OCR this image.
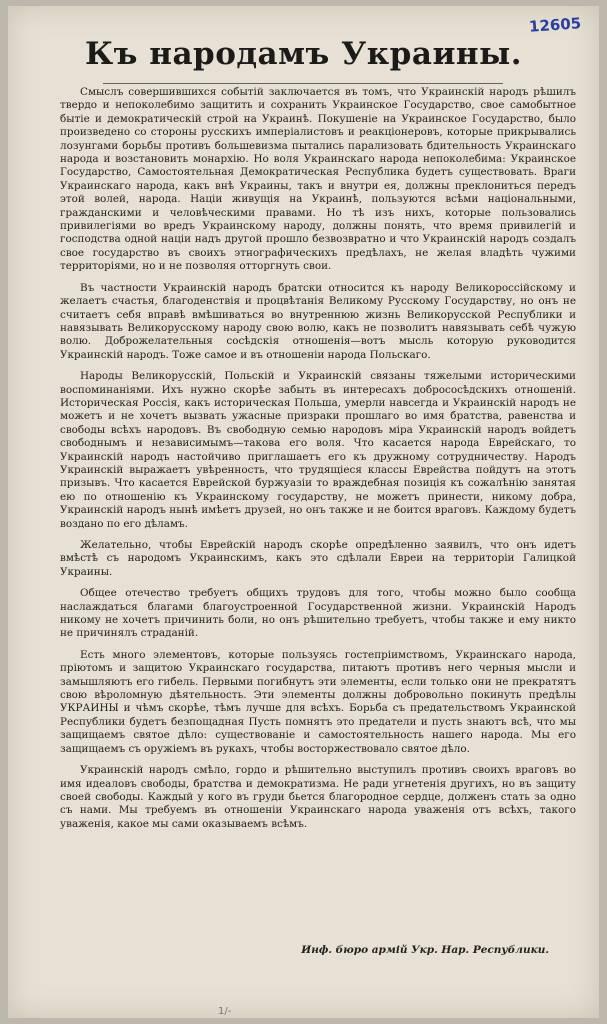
12605
Къ народамъ Украины.

Смыслъ совершившихся событій заключается въ томъ, что Украинскій народъ рѣшилъ твердо и непоколебимо защитить и сохранить Украинское Государство, свое самобытное бытіе и демократическій строй на Украинѣ. Покушеніе на Украинское Государство, было произведено со стороны русскихъ имперіалистовъ и реакціонеровъ, которые прикрывались лозунгами борьбы противъ большевизма пытались парализовать бдительность Украинскаго народа и возстановить монархію. Но воля Украинскаго народа непоколебима: Украинское Государство, Самостоятельная Демократическая Республика будетъ существовать. Враги Украинскаго народа, какъ внѣ Украины, такъ и внутри ея, должны преклониться передъ этой волей, народа. Націи живущія на Украинѣ, пользуются всѣми національными, гражданскими и человѣческими правами. Но тѣ изъ нихъ, которые пользовались привилегіями во вредъ Украинскому народу, должны понять, что время привилегій и господства одной націи надъ другой прошло безвозвратно и что Украинскій народъ создалъ свое государство въ своихъ этнографическихъ предѣлахъ, не желая владѣть чужими территоріями, но и не позволяя отторгнуть свои.

Въ частности Украинскій народъ братски относится къ народу Великороссійскому и желаетъ счастья, благоденствія и процвѣтанія Великому Русскому Государству, но онъ не считаетъ себя вправѣ вмѣшиваться во внутреннюю жизнь Великорусской Республики и навязывать Великорусскому народу свою волю, какъ не позволитъ навязывать себѣ чужую волю. Доброжелательныя сосѣдскія отношенія—вотъ мысль которую руководится Украинскій народъ. Тоже самое и въ отношеніи народа Польскаго.

Народы Великорусскій, Польскій и Украинскій связаны тяжелыми историческими воспоминаніями. Ихъ нужно скорѣе забыть въ интересахъ добрососѣдскихъ отношеній. Историческая Россія, какъ историческая Польша, умерли навсегда и Украинскій народъ не можетъ и не хочетъ вызвать ужасные призраки прошлаго во имя братства, равенства и свободы всѣхъ народовъ. Въ свободную семью народовъ міра Украинскій народъ войдетъ свободнымъ и независимымъ—такова его воля. Что касается народа Еврейскаго, то Украинскій народъ настойчиво приглашаетъ его къ дружному сотрудничеству. Народъ Украинскій выражаетъ увѣренность, что трудящіеся классы Еврейства пойдутъ на этотъ призывъ. Что касается Еврейской буржуазіи то враждебная позиція къ сожалѣнію занятая ею по отношенію къ Украинскому государству, не можетъ принести, никому добра, Украинскій народъ нынѣ имѣетъ друзей, но онъ также и не боится враговъ. Каждому будетъ воздано по его дѣламъ.

Желательно, чтобы Еврейскій народъ скорѣе опредѣленно заявилъ, что онъ идетъ вмѣстѣ съ народомъ Украинскимъ, какъ это сдѣлали Евреи на территоріи Галицкой Украины.

Общее отечество требуетъ общихъ трудовъ для того, чтобы можно было сообща наслаждаться благами благоустроенной Государственной жизни. Украинскій Народъ никому не хочетъ причинить боли, но онъ рѣшительно требуетъ, чтобы также и ему никто не причинялъ страданій.

Есть много элементовъ, которые пользуясь гостепріимствомъ, Украинскаго народа, пріютомъ и защитою Украинскаго государства, питаютъ противъ него черныя мысли и замышляютъ его гибель. Первыми погибнутъ эти элементы, если только они не прекратятъ свою вѣроломную дѣятельность. Эти элементы должны добровольно покинуть предѣлы УКРАИНЫ и чѣмъ скорѣе, тѣмъ лучше для всѣхъ. Борьба съ предательствомъ Украинской Республики будетъ безпощадная Пусть помнятъ это предатели и пусть знаютъ всѣ, что мы защищаемъ святое дѣло: существованіе и самостоятельность нашего народа. Мы его защищаемъ съ оружіемъ въ рукахъ, чтобы восторжествовало святое дѣло.

Украинскій народъ смѣло, гордо и рѣшительно выступилъ противъ своихъ враговъ во имя идеаловъ свободы, братства и демократизма. Не ради угнетенія другихъ, но въ защиту своей свободы. Каждый у кого въ груди бьется благородное сердце, долженъ стать за одно съ нами. Мы требуемъ въ отношеніи Украинскаго народа уваженія отъ всѣхъ, такого уваженія, какое мы сами оказываемъ всѣмъ.

Инф. бюро армій Укр. Нар. Республики.
1/-
